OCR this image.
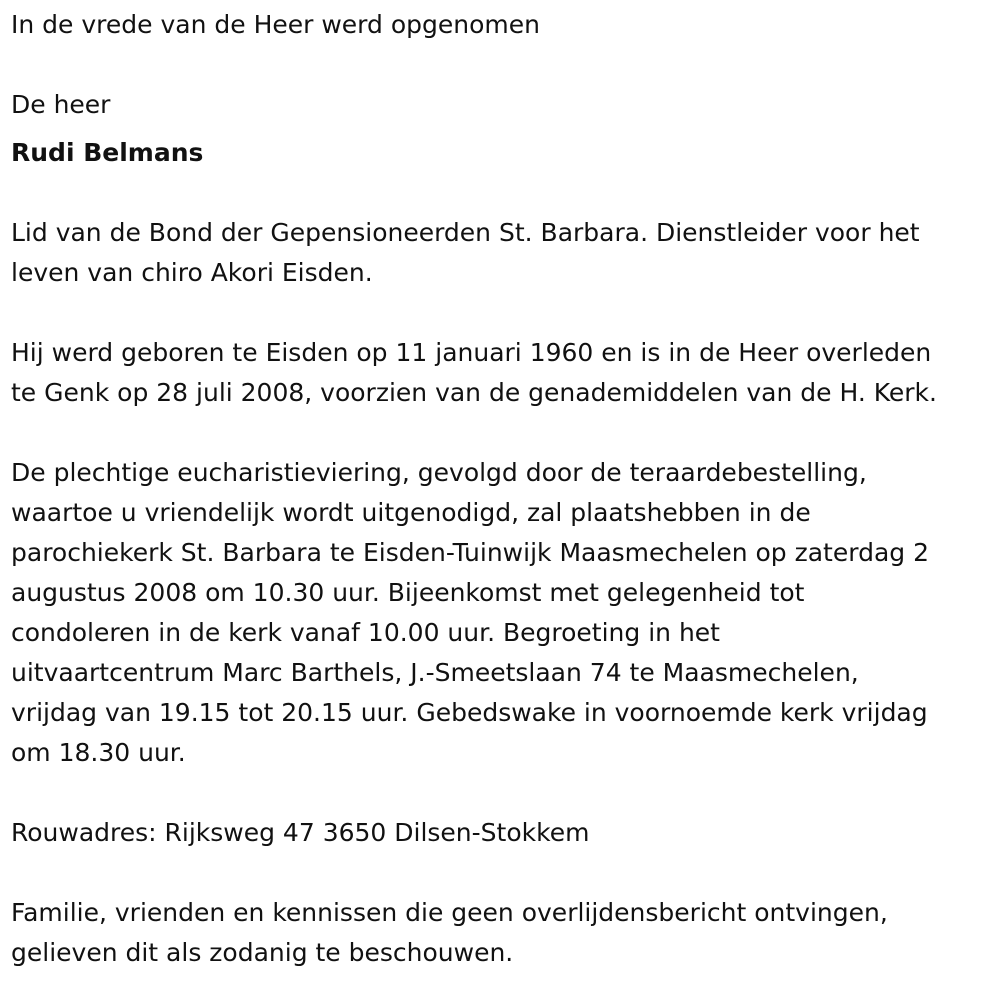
In de vrede van de Heer werd opgenomen
De heer
Rudi Belmans
Lid van de Bond der Gepensioneerden St. Barbara. Dienstleider voor het
leven van chiro Akori Eisden.
Hij werd geboren te Eisden op 11 januari 1960 en is in de Heer overleden
te Genk op 28 juli 2008, voorzien van de genademiddelen van de H. Kerk.
De plechtige eucharistieviering, gevolgd door de teraardebestelling,
waartoe u vriendelijk wordt uitgenodigd, zal plaatshebben in de
parochiekerk St. Barbara te Eisden-Tuinwijk Maasmechelen op zaterdag 2
augustus 2008 om 10.30 uur. Bijeenkomst met gelegenheid tot
condoleren in de kerk vanaf 10.00 uur. Begroeting in het
uitvaartcentrum Marc Barthels, J.-Smeetslaan 74 te Maasmechelen,
vrijdag van 19.15 tot 20.15 uur. Gebedswake in voornoemde kerk vrijdag
om 18.30 uur.
Rouwadres: Rijksweg 47 3650 Dilsen-Stokkem
Familie, vrienden en kennissen die geen overlijdensbericht ontvingen,
gelieven dit als zodanig te beschouwen.
